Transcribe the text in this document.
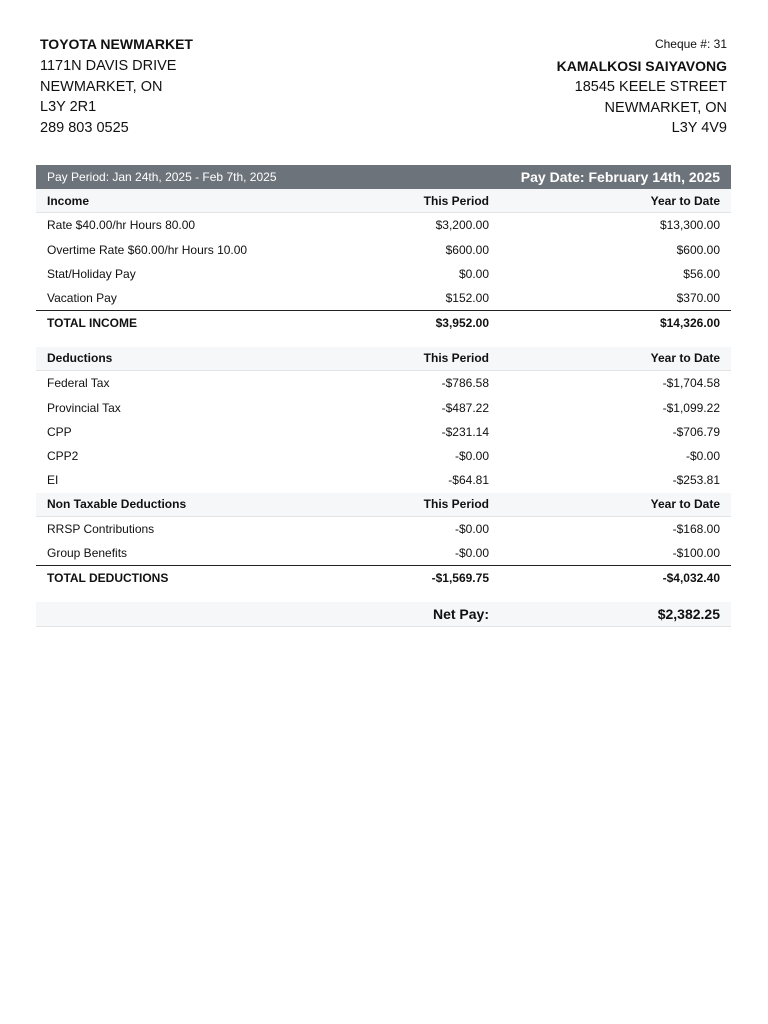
TOYOTA NEWMARKET
1171N DAVIS DRIVE
NEWMARKET, ON
L3Y 2R1
289 803 0525
Cheque #: 31
KAMALKOSI SAIYAVONG
18545 KEELE STREET
NEWMARKET, ON
L3Y 4V9
Pay Period: Jan 24th, 2025 - Feb 7th, 2025	Pay Date: February 14th, 2025
Income	This Period	Year to Date
Rate $40.00/hr Hours 80.00	$3,200.00	$13,300.00
Overtime Rate $60.00/hr Hours 10.00	$600.00	$600.00
Stat/Holiday Pay	$0.00	$56.00
Vacation Pay	$152.00	$370.00
TOTAL INCOME	$3,952.00	$14,326.00
Deductions	This Period	Year to Date
Federal Tax	-$786.58	-$1,704.58
Provincial Tax	-$487.22	-$1,099.22
CPP	-$231.14	-$706.79
CPP2	-$0.00	-$0.00
EI	-$64.81	-$253.81
Non Taxable Deductions	This Period	Year to Date
RRSP Contributions	-$0.00	-$168.00
Group Benefits	-$0.00	-$100.00
TOTAL DEDUCTIONS	-$1,569.75	-$4,032.40
Net Pay:	$2,382.25
